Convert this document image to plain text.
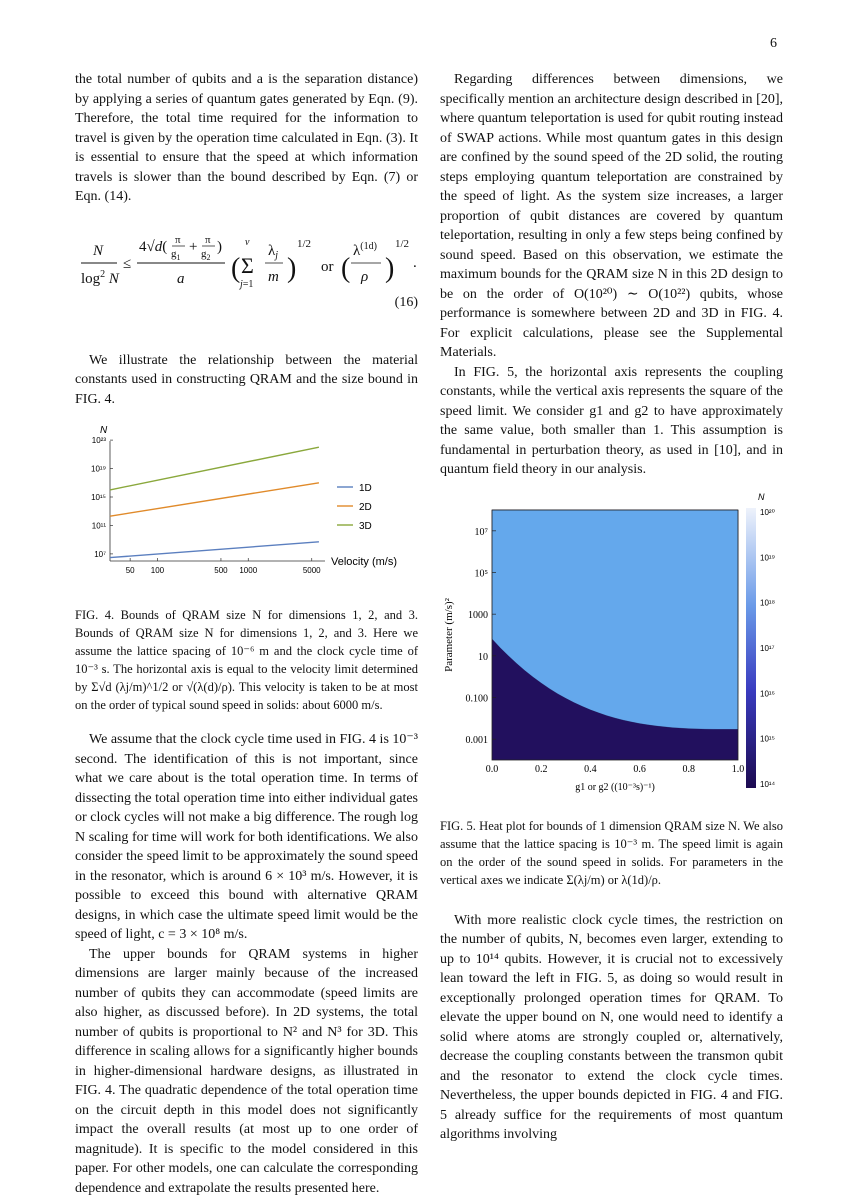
6

the total number of qubits and a is the separation distance) by applying a series of quantum gates generated by Eqn. (9). Therefore, the total time required for the information to travel is given by the operation time calculated in Eqn. (3). It is essential to ensure that the speed at which information travels is slower than the bound described by Eqn. (7) or Eqn. (14).

N
$\log^2 N$
≤
4√d( π
$g_1$
+ π
$g_2$
)
a (
ν
Σ
j=1
$\lambda_j$
m )
1/2
or (
$\lambda^{(1d)}$
ρ )
1/2
.
(16)

We illustrate the relationship between the material constants used in constructing QRAM and the size bound in FIG. 4.

N
Velocity (m/s)
50 100	500 1000	5000
10⁷
10¹¹
10¹⁵
10¹⁹
10²³
1D
2D
3D

FIG. 4. Bounds of QRAM size N for dimensions 1, 2, and 3. Bounds of QRAM size N for dimensions 1, 2, and 3. Here we assume the lattice spacing of 10⁻⁶ m and the clock cycle time of 10⁻³ s. The horizontal axis is equal to the velocity limit determined by Σ√d (λj/m)^1/2 or √(λ(d)/ρ). This velocity is taken to be at most on the order of typical sound speed in solids: about 6000 m/s.

We assume that the clock cycle time used in FIG. 4 is 10⁻³ second. The identification of this is not important, since what we care about is the total operation time. In terms of dissecting the total operation time into either individual gates or clock cycles will not make a big difference. The rough log N scaling for time will work for both identifications. We also consider the speed limit to be approximately the sound speed in the resonator, which is around 6 × 10³ m/s. However, it is possible to exceed this bound with alternative QRAM designs, in which case the ultimate speed limit would be the speed of light, c = 3 × 10⁸ m/s.

The upper bounds for QRAM systems in higher dimensions are larger mainly because of the increased number of qubits they can accommodate (speed limits are also higher, as discussed before). In 2D systems, the total number of qubits is proportional to N² and N³ for 3D. This difference in scaling allows for a significantly higher bounds in higher-dimensional hardware designs, as illustrated in FIG. 4. The quadratic dependence of the total operation time on the circuit depth in this model does not significantly impact the overall results (at most up to one order of magnitude). It is specific to the model considered in this paper. For other models, one can calculate the corresponding dependence and extrapolate the results presented here.

Regarding differences between dimensions, we specifically mention an architecture design described in [20], where quantum teleportation is used for qubit routing instead of SWAP actions. While most quantum gates in this design are confined by the sound speed of the 2D solid, the routing steps employing quantum teleportation are constrained by the speed of light. As the system size increases, a larger proportion of qubit distances are covered by quantum teleportation, resulting in only a few steps being confined by sound speed. Based on this observation, we estimate the maximum bounds for the QRAM size N in this 2D design to be on the order of O(10²⁰) ∼ O(10²²) qubits, whose performance is somewhere between 2D and 3D in FIG. 4. For explicit calculations, please see the Supplemental Materials.

In FIG. 5, the horizontal axis represents the coupling constants, while the vertical axis represents the square of the speed limit. We consider g1 and g2 to have approximately the same value, both smaller than 1. This assumption is fundamental in perturbation theory, as used in [10], and in quantum field theory in our analysis.

0.0	0.2	0.4	0.6	0.8	1.0
10⁷
10⁵
1000
10
0.100
0.001
g1 or g2 ((10⁻³s)⁻¹)
Parameter (m/s)²
N
10²⁰
10¹⁹
10¹⁸
10¹⁷
10¹⁶
10¹⁵
10¹⁴

FIG. 5. Heat plot for bounds of 1 dimension QRAM size N. We also assume that the lattice spacing is 10⁻³ m. The speed limit is again on the order of the sound speed in solids. For parameters in the vertical axes we indicate Σ(λj/m) or λ(1d)/ρ.

With more realistic clock cycle times, the restriction on the number of qubits, N, becomes even larger, extending to up to 10¹⁴ qubits. However, it is crucial not to excessively lean toward the left in FIG. 5, as doing so would result in exceptionally prolonged operation times for QRAM. To elevate the upper bound on N, one would need to identify a solid where atoms are strongly coupled or, alternatively, decrease the coupling constants between the transmon qubit and the resonator to extend the clock cycle times. Nevertheless, the upper bounds depicted in FIG. 4 and FIG. 5 already suffice for the requirements of most quantum algorithms involving
